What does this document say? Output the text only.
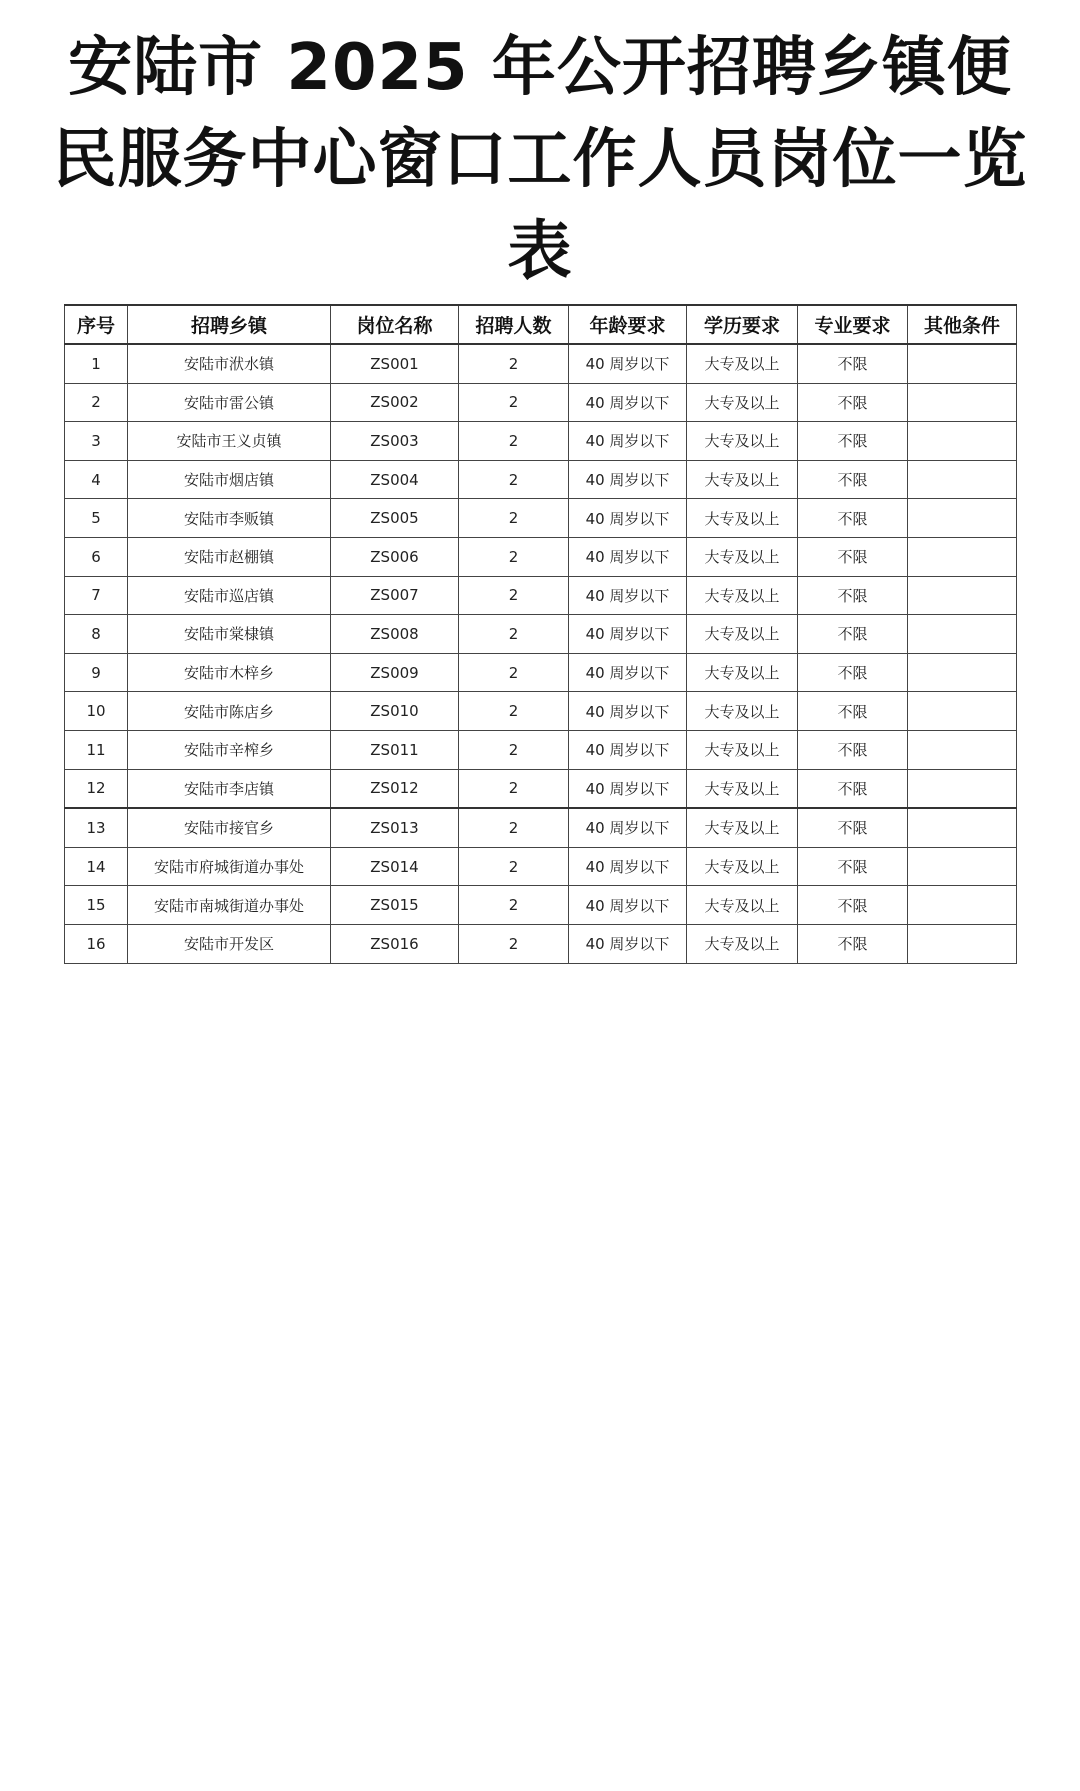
安陆市 2025 年公开招聘乡镇便民服务中心窗口工作人员岗位一览表
序号	招聘乡镇	岗位名称	招聘人数	年龄要求	学历要求	专业要求	其他条件
1	安陆市洑水镇	ZS001	2	40 周岁以下	大专及以上	不限	
2	安陆市雷公镇	ZS002	2	40 周岁以下	大专及以上	不限	
3	安陆市王义贞镇	ZS003	2	40 周岁以下	大专及以上	不限	
4	安陆市烟店镇	ZS004	2	40 周岁以下	大专及以上	不限	
5	安陆市李贩镇	ZS005	2	40 周岁以下	大专及以上	不限	
6	安陆市赵棚镇	ZS006	2	40 周岁以下	大专及以上	不限	
7	安陆市巡店镇	ZS007	2	40 周岁以下	大专及以上	不限	
8	安陆市棠棣镇	ZS008	2	40 周岁以下	大专及以上	不限	
9	安陆市木梓乡	ZS009	2	40 周岁以下	大专及以上	不限	
10	安陆市陈店乡	ZS010	2	40 周岁以下	大专及以上	不限	
11	安陆市辛榨乡	ZS011	2	40 周岁以下	大专及以上	不限	
12	安陆市李店镇	ZS012	2	40 周岁以下	大专及以上	不限	
13	安陆市接官乡	ZS013	2	40 周岁以下	大专及以上	不限	
14	安陆市府城街道办事处	ZS014	2	40 周岁以下	大专及以上	不限	
15	安陆市南城街道办事处	ZS015	2	40 周岁以下	大专及以上	不限	
16	安陆市开发区	ZS016	2	40 周岁以下	大专及以上	不限	
